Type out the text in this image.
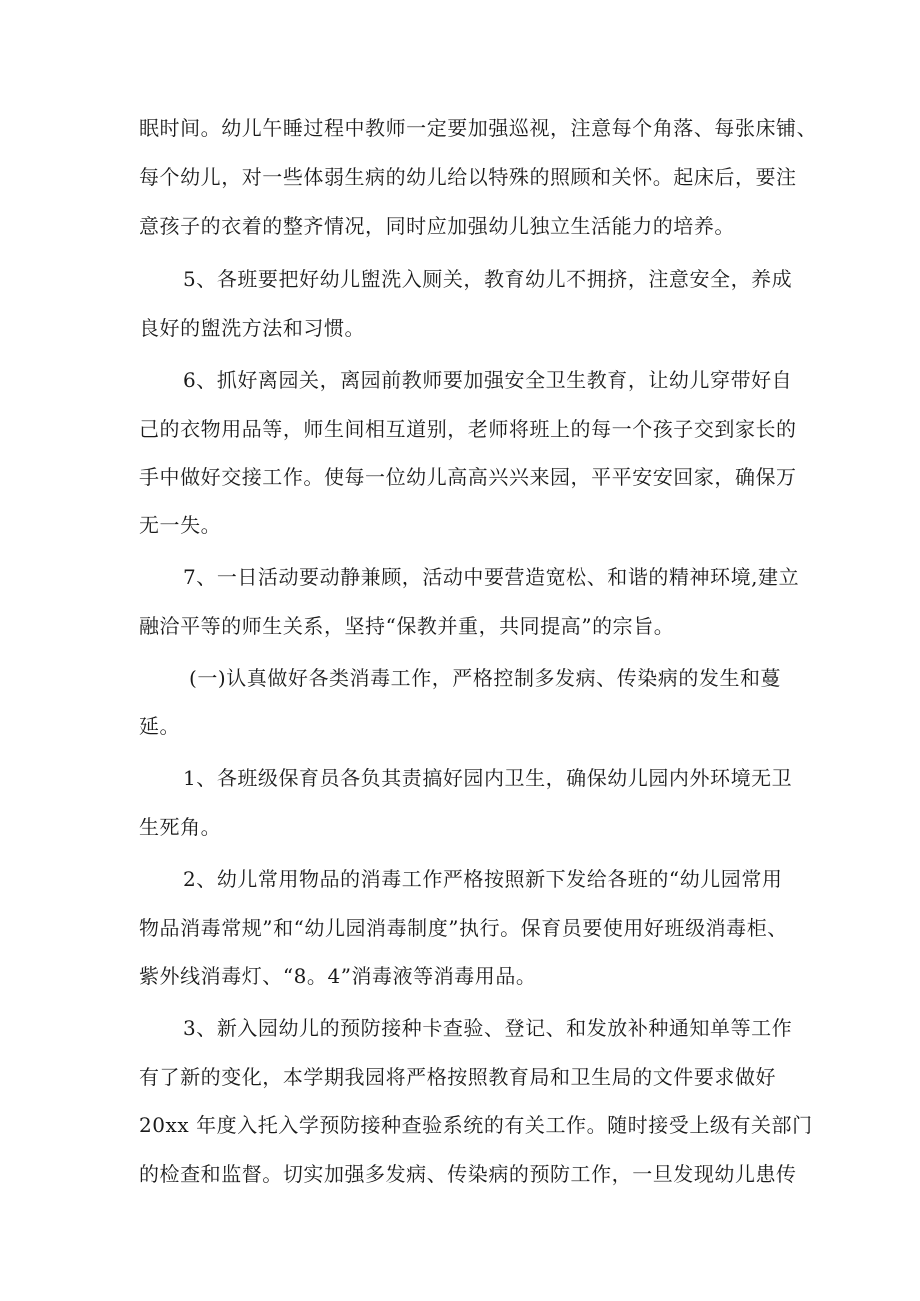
眠时间。幼儿午睡过程中教师一定要加强巡视，注意每个角落、每张床铺、
每个幼儿，对一些体弱生病的幼儿给以特殊的照顾和关怀。起床后，要注
意孩子的衣着的整齐情况，同时应加强幼儿独立生活能力的培养。
5、各班要把好幼儿盥洗入厕关，教育幼儿不拥挤，注意安全，养成
良好的盥洗方法和习惯。
6、抓好离园关，离园前教师要加强安全卫生教育，让幼儿穿带好自
己的衣物用品等，师生间相互道别，老师将班上的每一个孩子交到家长的
手中做好交接工作。使每一位幼儿高高兴兴来园，平平安安回家，确保万
无一失。
7、一日活动要动静兼顾，活动中要营造宽松、和谐的精神环境,建立
融洽平等的师生关系，坚持“保教并重，共同提高”的宗旨。
(一)认真做好各类消毒工作，严格控制多发病、传染病的发生和蔓
延。
1、各班级保育员各负其责搞好园内卫生，确保幼儿园内外环境无卫
生死角。
2、幼儿常用物品的消毒工作严格按照新下发给各班的“幼儿园常用
物品消毒常规”和“幼儿园消毒制度”执行。保育员要使用好班级消毒柜、
紫外线消毒灯、“8。4”消毒液等消毒用品。
3、新入园幼儿的预防接种卡查验、登记、和发放补种通知单等工作
有了新的变化，本学期我园将严格按照教育局和卫生局的文件要求做好
20xx 年度入托入学预防接种查验系统的有关工作。随时接受上级有关部门
的检查和监督。切实加强多发病、传染病的预防工作，一旦发现幼儿患传
